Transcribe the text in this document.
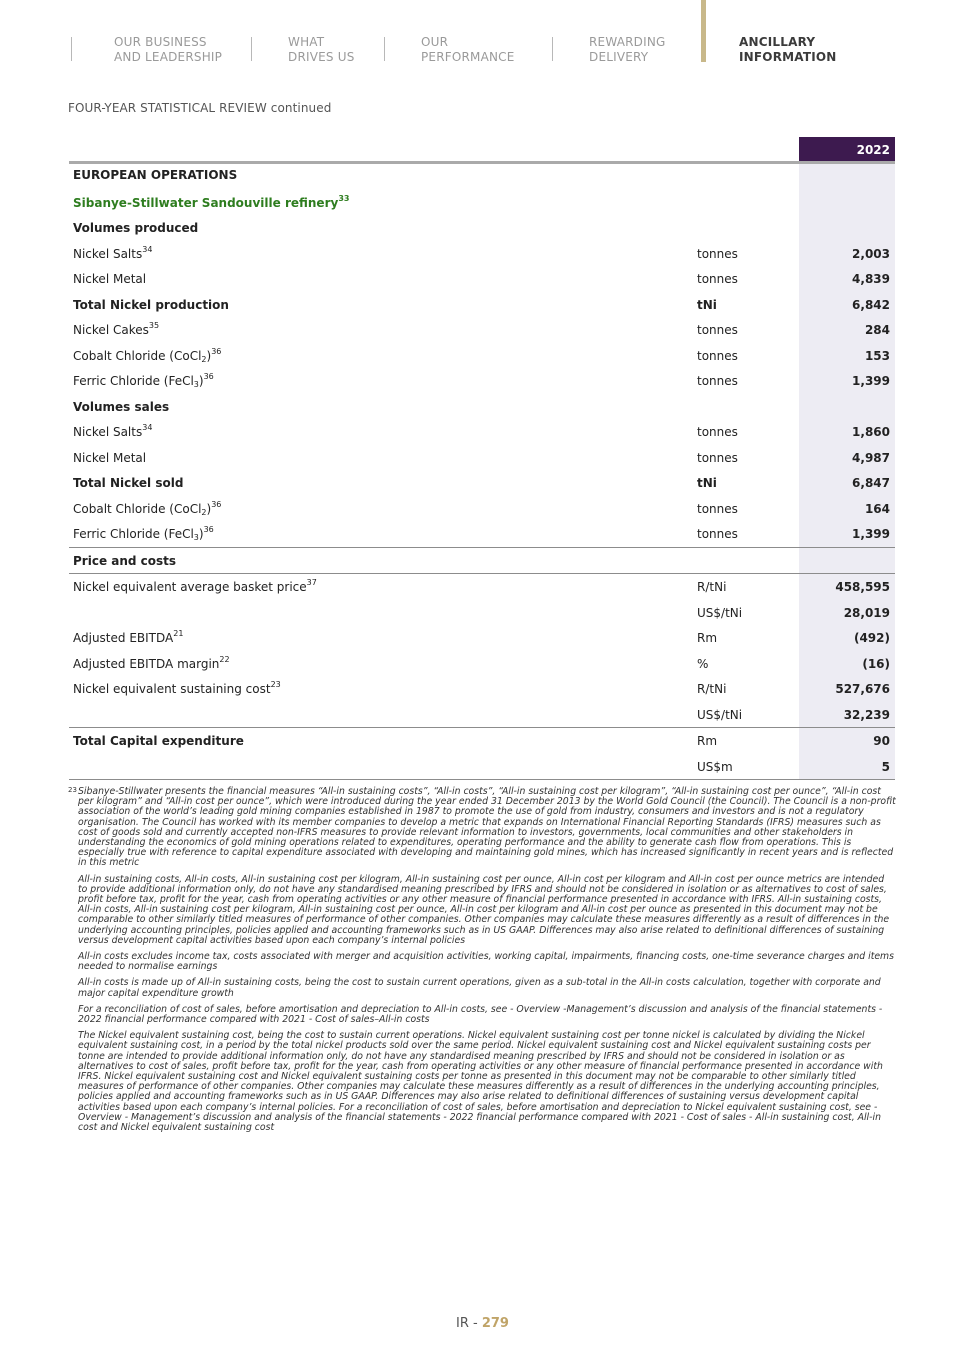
OUR BUSINESS
AND LEADERSHIP
WHAT
DRIVES US
OUR
PERFORMANCE
REWARDING
DELIVERY
ANCILLARY
INFORMATION
FOUR-YEAR STATISTICAL REVIEW continued
2022
EUROPEAN OPERATIONS
Sibanye-Stillwater Sandouville refinery$^{33}$
Volumes produced
Nickel Salts$^{34}$	tonnes	2,003
Nickel Metal	tonnes	4,839
Total Nickel production	tNi	6,842
Nickel Cakes$^{35}$	tonnes	284
Cobalt Chloride (CoCl$_2$)$^{36}$	tonnes	153
Ferric Chloride (FeCl$_3$)$^{36}$	tonnes	1,399
Volumes sales
Nickel Salts$^{34}$	tonnes	1,860
Nickel Metal	tonnes	4,987
Total Nickel sold	tNi	6,847
Cobalt Chloride (CoCl$_2$)$^{36}$	tonnes	164
Ferric Chloride (FeCl$_3$)$^{36}$	tonnes	1,399
Price and costs
Nickel equivalent average basket price$^{37}$	R/tNi	458,595
US$/tNi	28,019
Adjusted EBITDA$^{21}$	Rm	(492)
Adjusted EBITDA margin$^{22}$	%	(16)
Nickel equivalent sustaining cost$^{23}$	R/tNi	527,676
US$/tNi	32,239
Total Capital expenditure	Rm	90
US$m	5

23 Sibanye-Stillwater presents the financial measures “All-in sustaining costs”, “All-in costs”, “All-in sustaining cost per kilogram”, “All-in sustaining cost per ounce”, “All-in cost per kilogram” and “All-in cost per ounce”, which were introduced during the year ended 31 December 2013 by the World Gold Council (the Council). The Council is a non-profit association of the world’s leading gold mining companies established in 1987 to promote the use of gold from industry, consumers and investors and is not a regulatory organisation. The Council has worked with its member companies to develop a metric that expands on International Financial Reporting Standards (IFRS) measures such as cost of goods sold and currently accepted non-IFRS measures to provide relevant information to investors, governments, local communities and other stakeholders in understanding the economics of gold mining operations related to expenditures, operating performance and the ability to generate cash flow from operations. This is especially true with reference to capital expenditure associated with developing and maintaining gold mines, which has increased significantly in recent years and is reflected in this metric

All-in sustaining costs, All-in costs, All-in sustaining cost per kilogram, All-in sustaining cost per ounce, All-in cost per kilogram and All-in cost per ounce metrics are intended to provide additional information only, do not have any standardised meaning prescribed by IFRS and should not be considered in isolation or as alternatives to cost of sales, profit before tax, profit for the year, cash from operating activities or any other measure of financial performance presented in accordance with IFRS. All-in sustaining costs, All-in costs, All-in sustaining cost per kilogram, All-in sustaining cost per ounce, All-in cost per kilogram and All-in cost per ounce as presented in this document may not be comparable to other similarly titled measures of performance of other companies. Other companies may calculate these measures differently as a result of differences in the underlying accounting principles, policies applied and accounting frameworks such as in US GAAP. Differences may also arise related to definitional differences of sustaining versus development capital activities based upon each company’s internal policies

All-in costs excludes income tax, costs associated with merger and acquisition activities, working capital, impairments, financing costs, one-time severance charges and items needed to normalise earnings

All-in costs is made up of All-in sustaining costs, being the cost to sustain current operations, given as a sub-total in the All-in costs calculation, together with corporate and major capital expenditure growth

For a reconciliation of cost of sales, before amortisation and depreciation to All-in costs, see - Overview -Management’s discussion and analysis of the financial statements - 2022 financial performance compared with 2021 - Cost of sales–All-in costs

The Nickel equivalent sustaining cost, being the cost to sustain current operations. Nickel equivalent sustaining cost per tonne nickel is calculated by dividing the Nickel equivalent sustaining cost, in a period by the total nickel products sold over the same period. Nickel equivalent sustaining cost and Nickel equivalent sustaining costs per tonne are intended to provide additional information only, do not have any standardised meaning prescribed by IFRS and should not be considered in isolation or as alternatives to cost of sales, profit before tax, profit for the year, cash from operating activities or any other measure of financial performance presented in accordance with IFRS. Nickel equivalent sustaining cost and Nickel equivalent sustaining costs per tonne as presented in this document may not be comparable to other similarly titled measures of performance of other companies. Other companies may calculate these measures differently as a result of differences in the underlying accounting principles, policies applied and accounting frameworks such as in US GAAP. Differences may also arise related to definitional differences of sustaining versus development capital activities based upon each company’s internal policies. For a reconciliation of cost of sales, before amortisation and depreciation to Nickel equivalent sustaining cost, see - Overview - Management’s discussion and analysis of the financial statements - 2022 financial performance compared with 2021 - Cost of sales - All-in sustaining cost, All-in cost and Nickel equivalent sustaining cost

IR - 279
